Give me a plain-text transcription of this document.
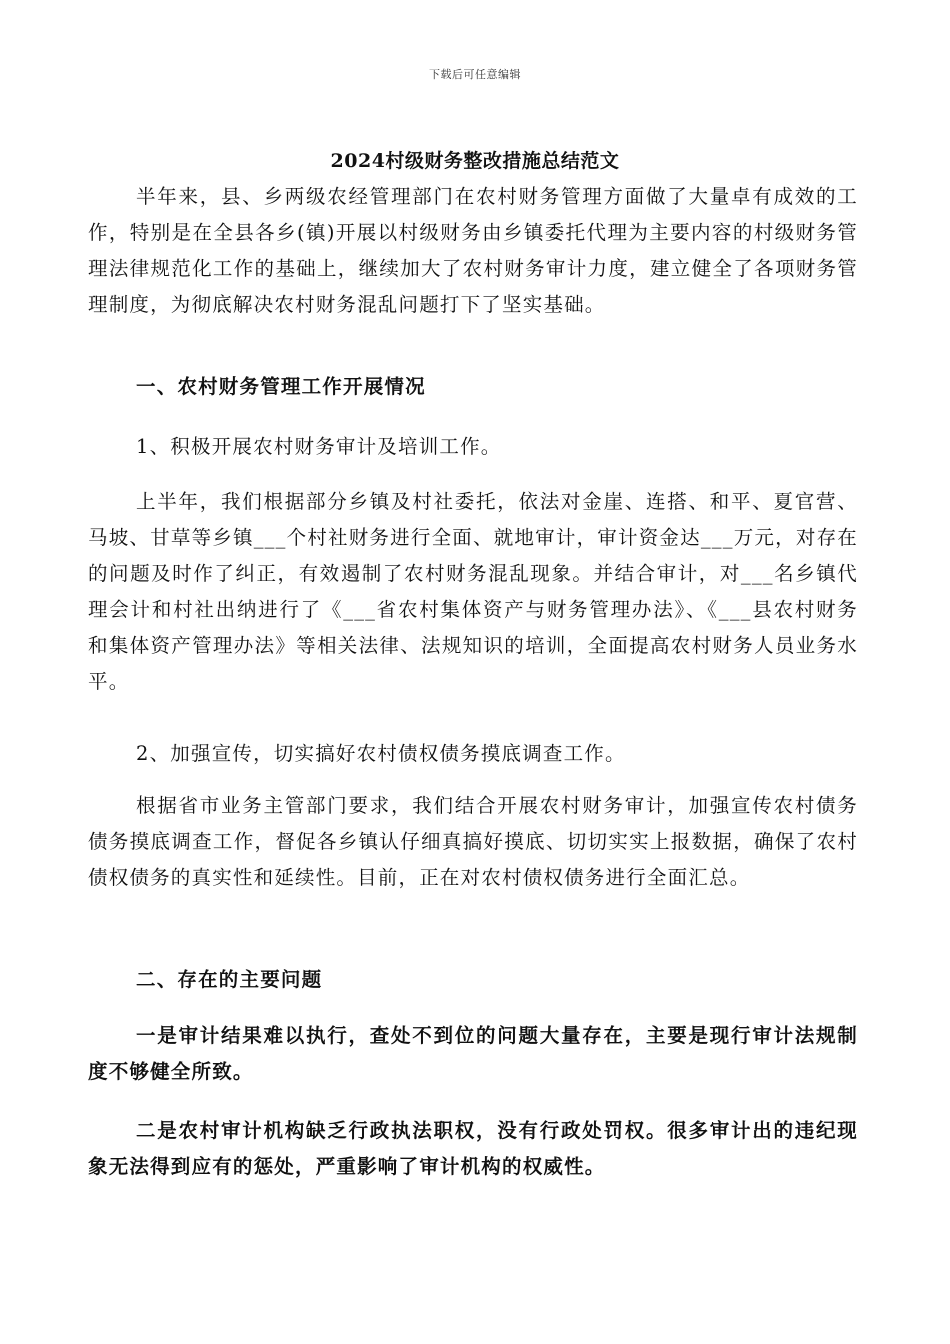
下载后可任意编辑
2024村级财务整改措施总结范文

半年来，县、乡两级农经管理部门在农村财务管理方面做了大量卓有成效的工作，特别是在全县各乡(镇)开展以村级财务由乡镇委托代理为主要内容的村级财务管理法律规范化工作的基础上，继续加大了农村财务审计力度，建立健全了各项财务管理制度，为彻底解决农村财务混乱问题打下了坚实基础。

一、农村财务管理工作开展情况
1、积极开展农村财务审计及培训工作。

上半年，我们根据部分乡镇及村社委托，依法对金崖、连搭、和平、夏官营、马坡、甘草等乡镇___个村社财务进行全面、就地审计，审计资金达___万元，对存在的问题及时作了纠正，有效遏制了农村财务混乱现象。并结合审计，对___名乡镇代理会计和村社出纳进行了《___省农村集体资产与财务管理办法》、《___县农村财务和集体资产管理办法》等相关法律、法规知识的培训，全面提高农村财务人员业务水平。

2、加强宣传，切实搞好农村债权债务摸底调查工作。

根据省市业务主管部门要求，我们结合开展农村财务审计，加强宣传农村债务债务摸底调查工作，督促各乡镇认仔细真搞好摸底、切切实实上报数据，确保了农村债权债务的真实性和延续性。目前，正在对农村债权债务进行全面汇总。

二、存在的主要问题

一是审计结果难以执行，查处不到位的问题大量存在，主要是现行审计法规制度不够健全所致。

二是农村审计机构缺乏行政执法职权，没有行政处罚权。很多审计出的违纪现象无法得到应有的惩处，严重影响了审计机构的权威性。
